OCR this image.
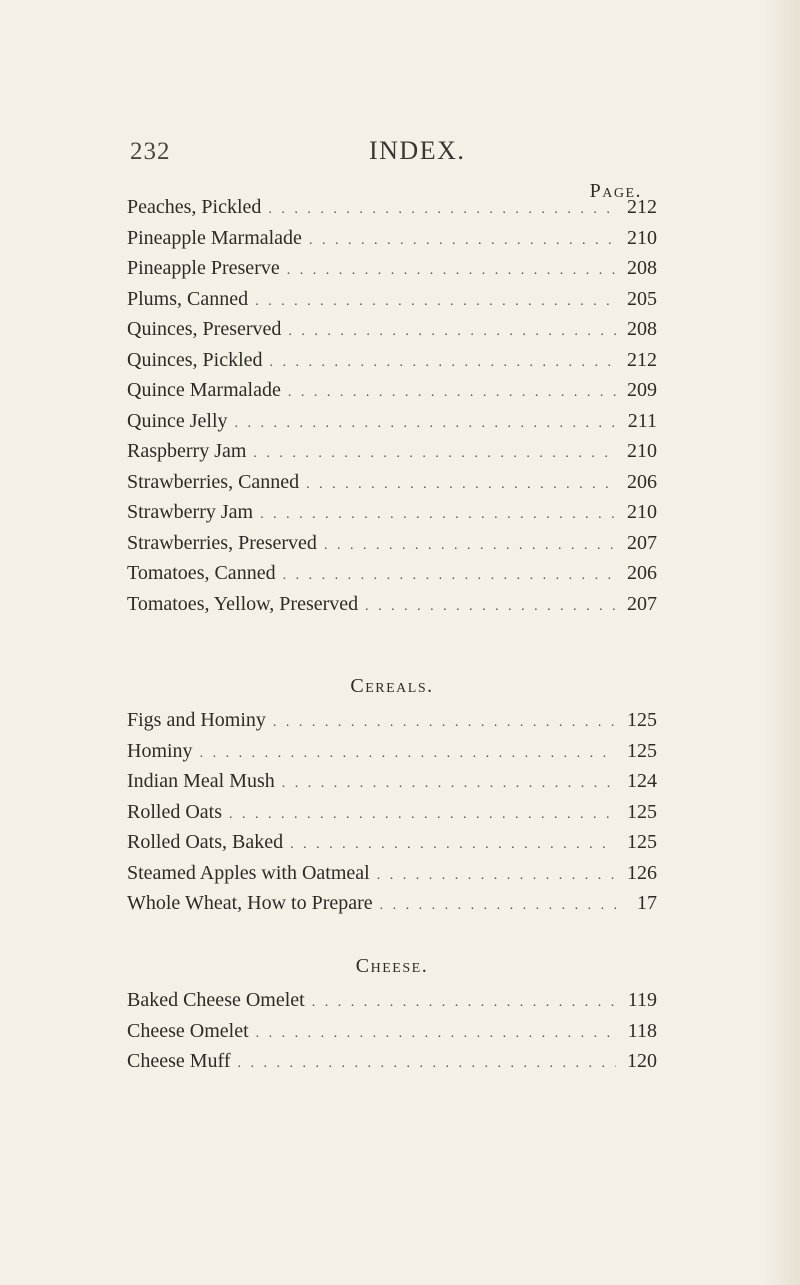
232	INDEX.
Page.
Peaches, Pickled . . .	212
Pineapple Marmalade . . .	210
Pineapple Preserve . . .	208
Plums, Canned . . .	205
Quinces, Preserved . . .	208
Quinces, Pickled . . .	212
Quince Marmalade . . .	209
Quince Jelly . . .	211
Raspberry Jam . . .	210
Strawberries, Canned . . .	206
Strawberry Jam . . .	210
Strawberries, Preserved . . .	207
Tomatoes, Canned . . .	206
Tomatoes, Yellow, Preserved . . .	207
Cereals.
Figs and Hominy . . .	125
Hominy . . .	125
Indian Meal Mush . . .	124
Rolled Oats . . .	125
Rolled Oats, Baked . . .	125
Steamed Apples with Oatmeal . . .	126
Whole Wheat, How to Prepare . . .	17
Cheese.
Baked Cheese Omelet . . .	119
Cheese Omelet . . .	118
Cheese Muff . . .	120
